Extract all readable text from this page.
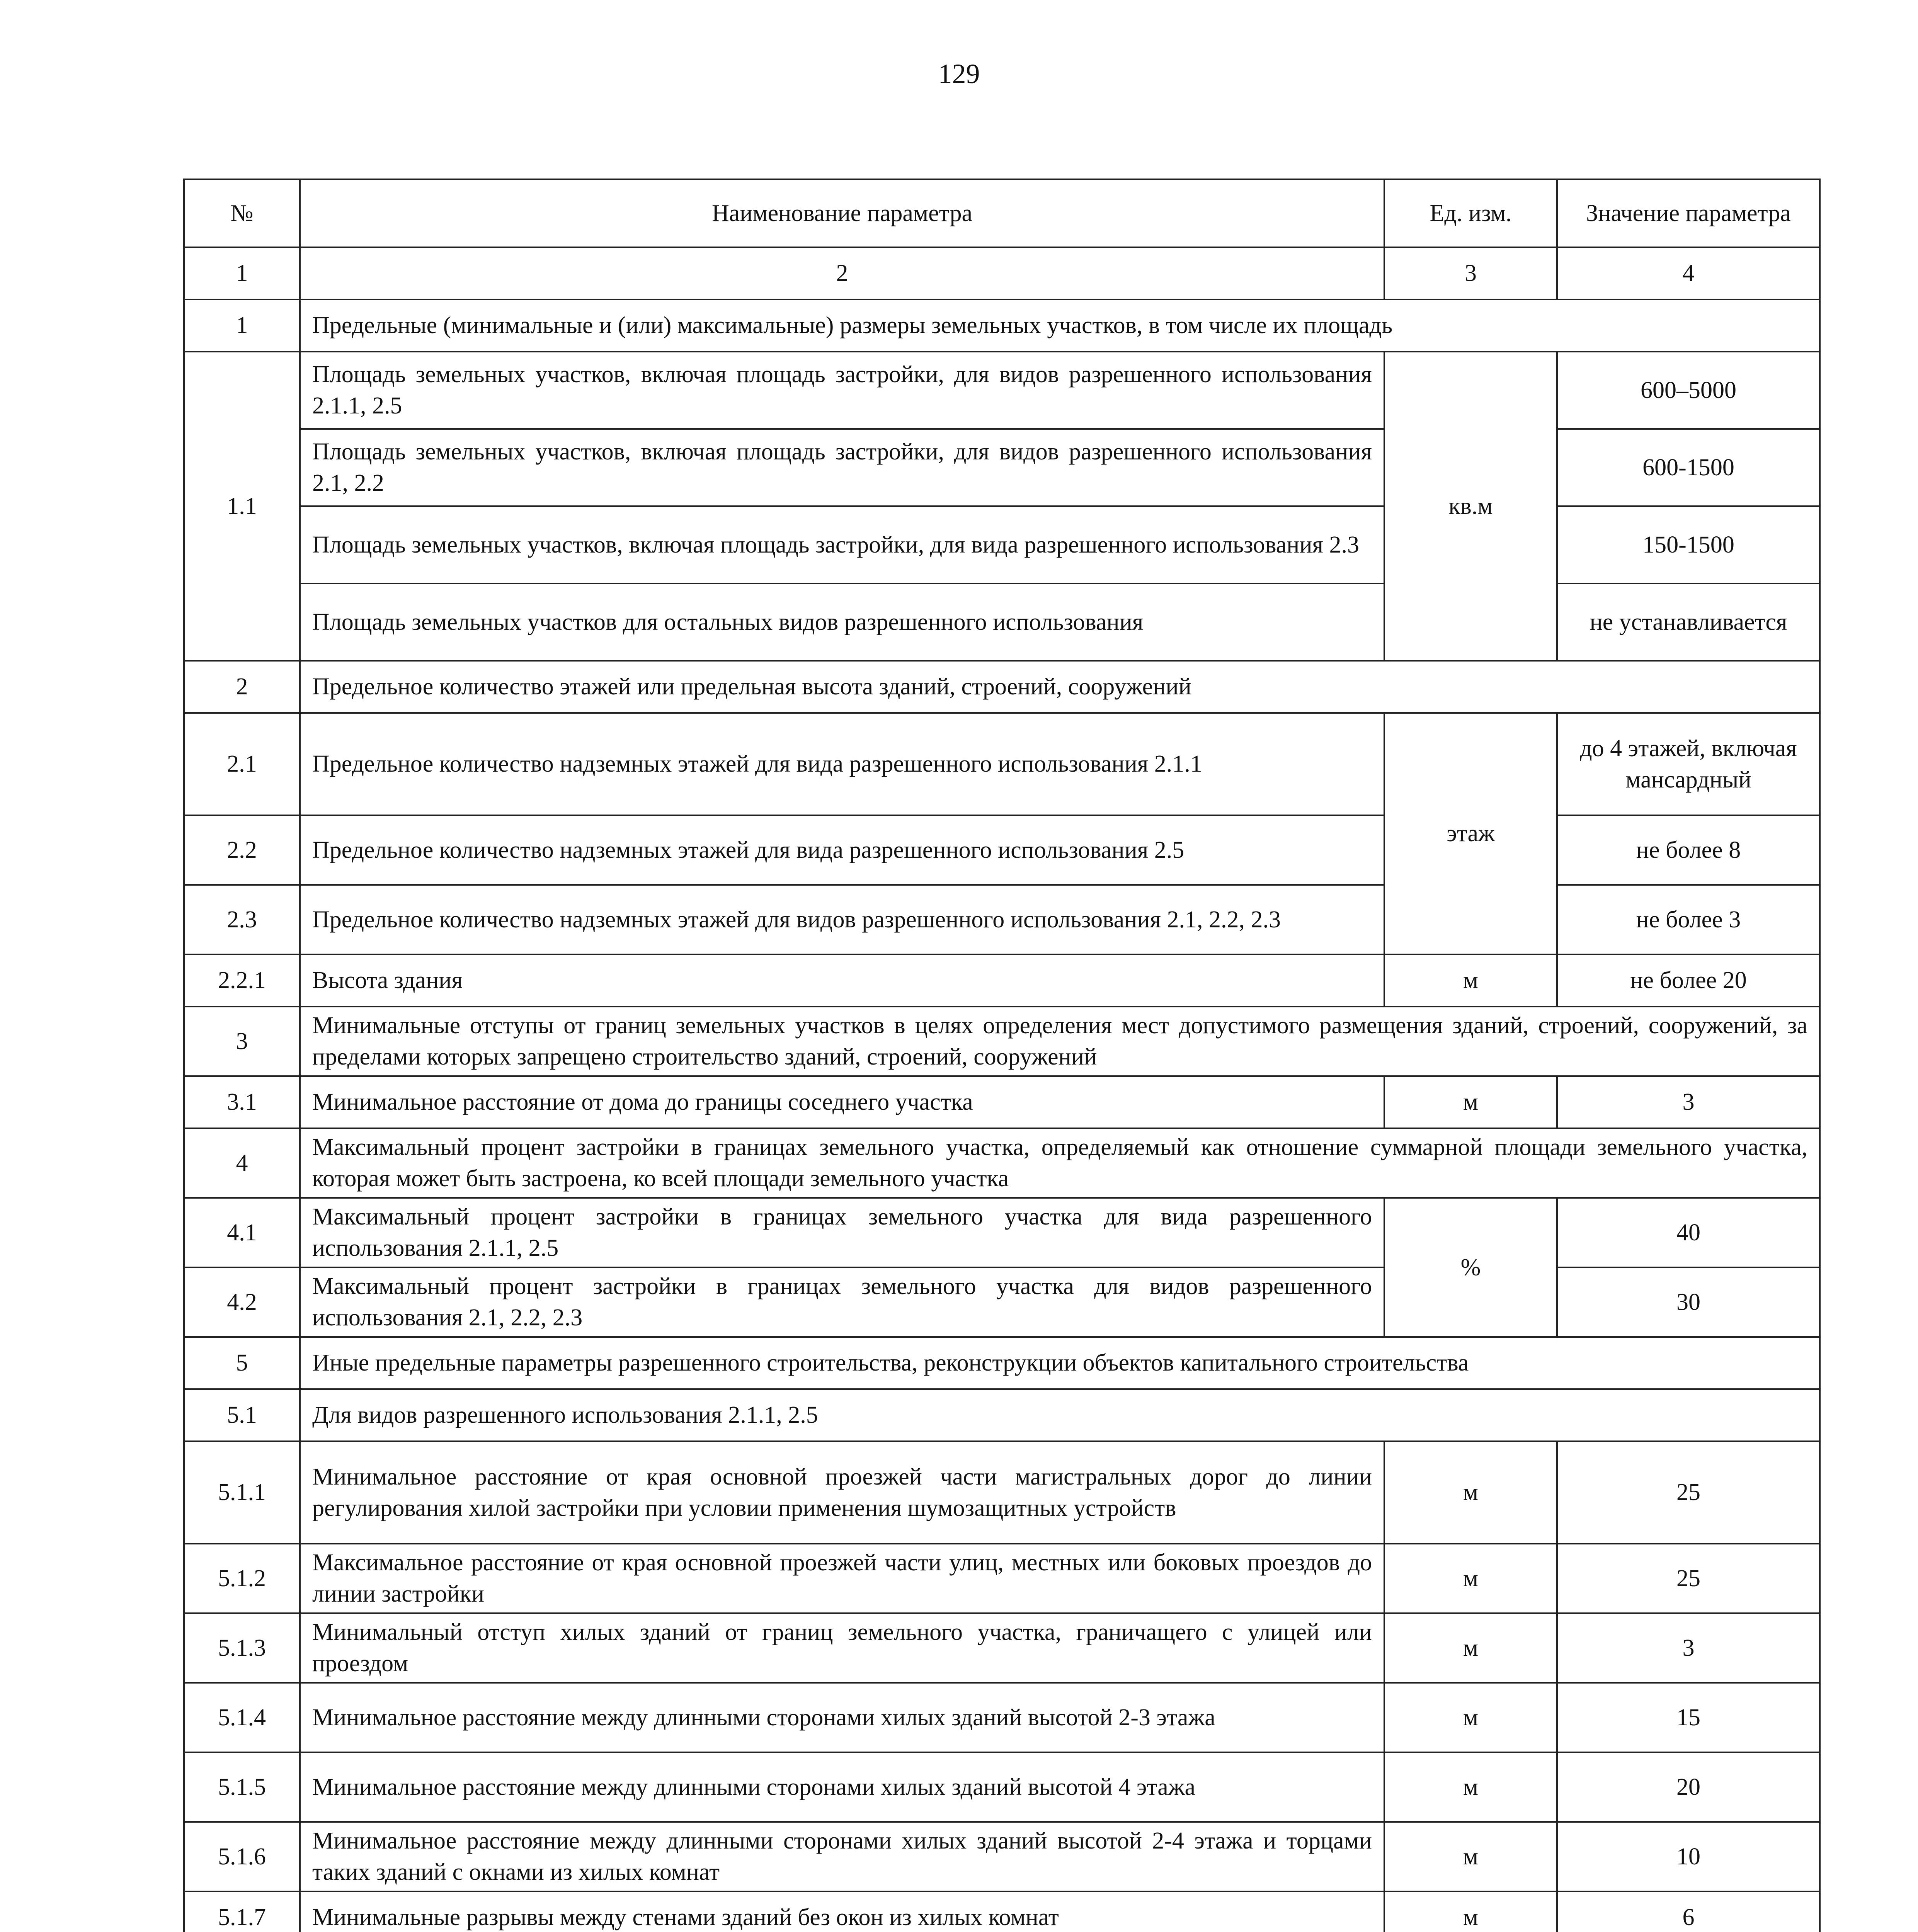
129
№	Наименование параметра	Ед. изм.	Значение параметра
1	2	3	4
1	Предельные (минимальные и (или) максимальные) размеры земельных участков, в том числе их площадь		
1.1	Площадь земельных участков, включая площадь застройки, для видов разрешенного использования 2.1.1, 2.5	кв.м	600–5000
	Площадь земельных участков, включая площадь застройки, для видов разрешенного использования 2.1, 2.2		600-1500
	Площадь земельных участков, включая площадь застройки, для вида разрешенного использования 2.3		150-1500
	Площадь земельных участков для остальных видов разрешенного использования		не устанавливается
2	Предельное количество этажей или предельная высота зданий, строений, сооружений		
2.1	Предельное количество надземных этажей для вида разрешенного использования 2.1.1	этаж	до 4 этажей, включая мансардный
2.2	Предельное количество надземных этажей для вида разрешенного использования 2.5		не более 8
2.3	Предельное количество надземных этажей для видов разрешенного использования 2.1, 2.2, 2.3		не более 3
2.2.1	Высота здания	м	не более 20
3	Минимальные отступы от границ земельных участков в целях определения мест допустимого размещения зданий, строений, сооружений, за пределами которых запрещено строительство зданий, строений, сооружений		
3.1	Минимальное расстояние от дома до границы соседнего участка	м	3
4	Максимальный процент застройки в границах земельного участка, определяемый как отношение суммарной площади земельного участка, которая может быть застроена, ко всей площади земельного участка		
4.1	Максимальный процент застройки в границах земельного участка для вида разрешенного использования 2.1.1, 2.5	%	40
4.2	Максимальный процент застройки в границах земельного участка для видов разрешенного использования 2.1, 2.2, 2.3		30
5	Иные предельные параметры разрешенного строительства, реконструкции объектов капитального строительства		
5.1	Для видов разрешенного использования 2.1.1, 2.5		
5.1.1	Минимальное расстояние от края основной проезжей части магистральных дорог до линии регулирования хилой застройки при условии применения шумозащитных устройств	м	25
5.1.2	Максимальное расстояние от края основной проезжей части улиц, местных или боковых проездов до линии застройки	м	25
5.1.3	Минимальный отступ хилых зданий от границ земельного участка, граничащего с улицей или проездом	м	3
5.1.4	Минимальное расстояние между длинными сторонами хилых зданий высотой 2-3 этажа	м	15
5.1.5	Минимальное расстояние между длинными сторонами хилых зданий высотой 4 этажа	м	20
5.1.6	Минимальное расстояние между длинными сторонами хилых зданий высотой 2-4 этажа и торцами таких зданий с окнами из хилых комнат	м	10
5.1.7	Минимальные разрывы между стенами зданий без окон из хилых комнат	м	6
